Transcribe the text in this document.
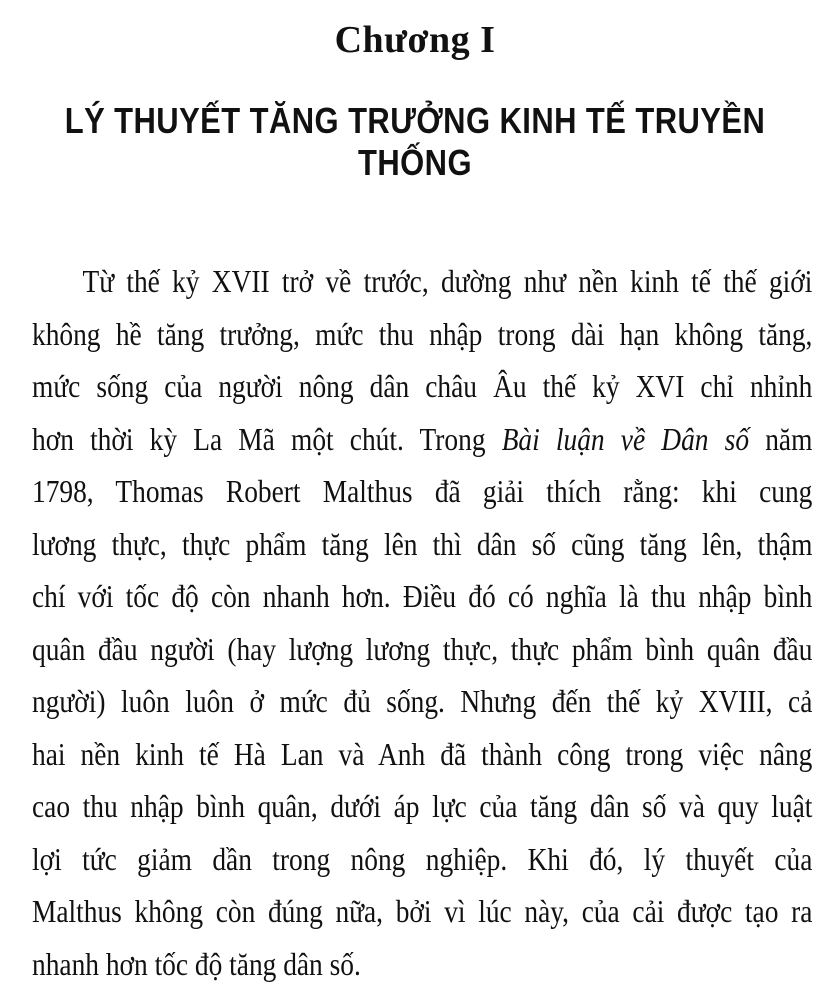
Chương I
LÝ THUYẾT TĂNG TRƯỞNG KINH TẾ TRUYỀN THỐNG
Từ thế kỷ XVII trở về trước, dường như nền kinh tế thế giới
không hề tăng trưởng, mức thu nhập trong dài hạn không tăng,
mức sống của người nông dân châu Âu thế kỷ XVI chỉ nhỉnh
hơn thời kỳ La Mã một chút. Trong Bài luận về Dân số năm
1798, Thomas Robert Malthus đã giải thích rằng: khi cung
lương thực, thực phẩm tăng lên thì dân số cũng tăng lên, thậm
chí với tốc độ còn nhanh hơn. Điều đó có nghĩa là thu nhập bình
quân đầu người (hay lượng lương thực, thực phẩm bình quân đầu
người) luôn luôn ở mức đủ sống. Nhưng đến thế kỷ XVIII, cả
hai nền kinh tế Hà Lan và Anh đã thành công trong việc nâng
cao thu nhập bình quân, dưới áp lực của tăng dân số và quy luật
lợi tức giảm dần trong nông nghiệp. Khi đó, lý thuyết của
Malthus không còn đúng nữa, bởi vì lúc này, của cải được tạo ra
nhanh hơn tốc độ tăng dân số.
